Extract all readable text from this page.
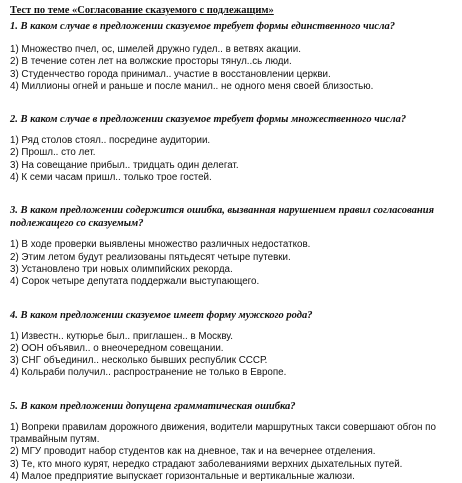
Тест по теме «Согласование сказуемого с подлежащим»

1. В каком случае в предложении сказуемое требует формы единственного числа?

1) Множество пчел, ос, шмелей дружно гудел.. в ветвях акации.

2) В течение сотен лет на волжские просторы тянул..сь люди.

3) Студенчество города принимал.. участие в восстановлении церкви.

4) Миллионы огней и раньше и после манил.. не одного меня своей близостью.

2. В каком случае в предложении сказуемое требует формы множественного числа?

1) Ряд столов стоял.. посредине аудитории.

2) Прошл.. сто лет.

3) На совещание прибыл.. тридцать один делегат.

4) К семи часам пришл.. только трое гостей.

3. В каком предложении содержится ошибка, вызванная нарушением правил согласования подлежащего со сказуемым?

1) В ходе проверки выявлены множество различных недостатков.

2) Этим летом будут реализованы пятьдесят четыре путевки.

3) Установлено три новых олимпийских рекорда.

4) Сорок четыре депутата поддержали выступающего.

4. В каком предложении сказуемое имеет форму мужского рода?

1) Известн.. кутюрье был.. приглашен.. в Москву.

2) ООН объявил.. о внеочередном совещании.

3) СНГ объединил.. несколько бывших республик СССР.

4) Кольраби получил.. распространение не только в Европе.

5. В каком предложении допущена грамматическая ошибка?

1) Вопреки правилам дорожного движения, водители маршрутных такси совершают обгон по трамвайным путям.

2) МГУ проводит набор студентов как на дневное, так и на вечернее отделения.

3) Те, кто много курят, нередко страдают заболеваниями верхних дыхательных путей.

4) Малое предприятие выпускает горизонтальные и вертикальные жалюзи.
